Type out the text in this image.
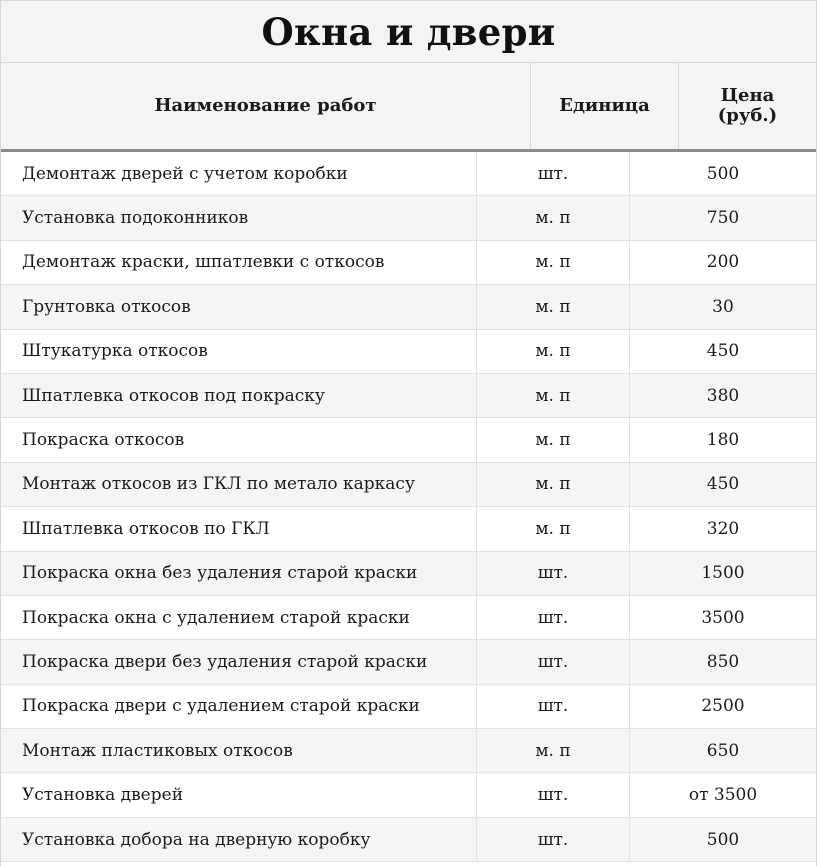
Окна и двери
Наименование работ	Единица	Цена
(руб.)
Демонтаж дверей с учетом коробки	шт.	500
Установка подоконников	м. п	750
Демонтаж краски, шпатлевки с откосов	м. п	200
Грунтовка откосов	м. п	30
Штукатурка откосов	м. п	450
Шпатлевка откосов под покраску	м. п	380
Покраска откосов	м. п	180
Монтаж откосов из ГКЛ по метало каркасу	м. п	450
Шпатлевка откосов по ГКЛ	м. п	320
Покраска окна без удаления старой краски	шт.	1500
Покраска окна с удалением старой краски	шт.	3500
Покраска двери без удаления старой краски	шт.	850
Покраска двери с удалением старой краски	шт.	2500
Монтаж пластиковых откосов	м. п	650
Установка дверей	шт.	от 3500
Установка добора на дверную коробку	шт.	500
